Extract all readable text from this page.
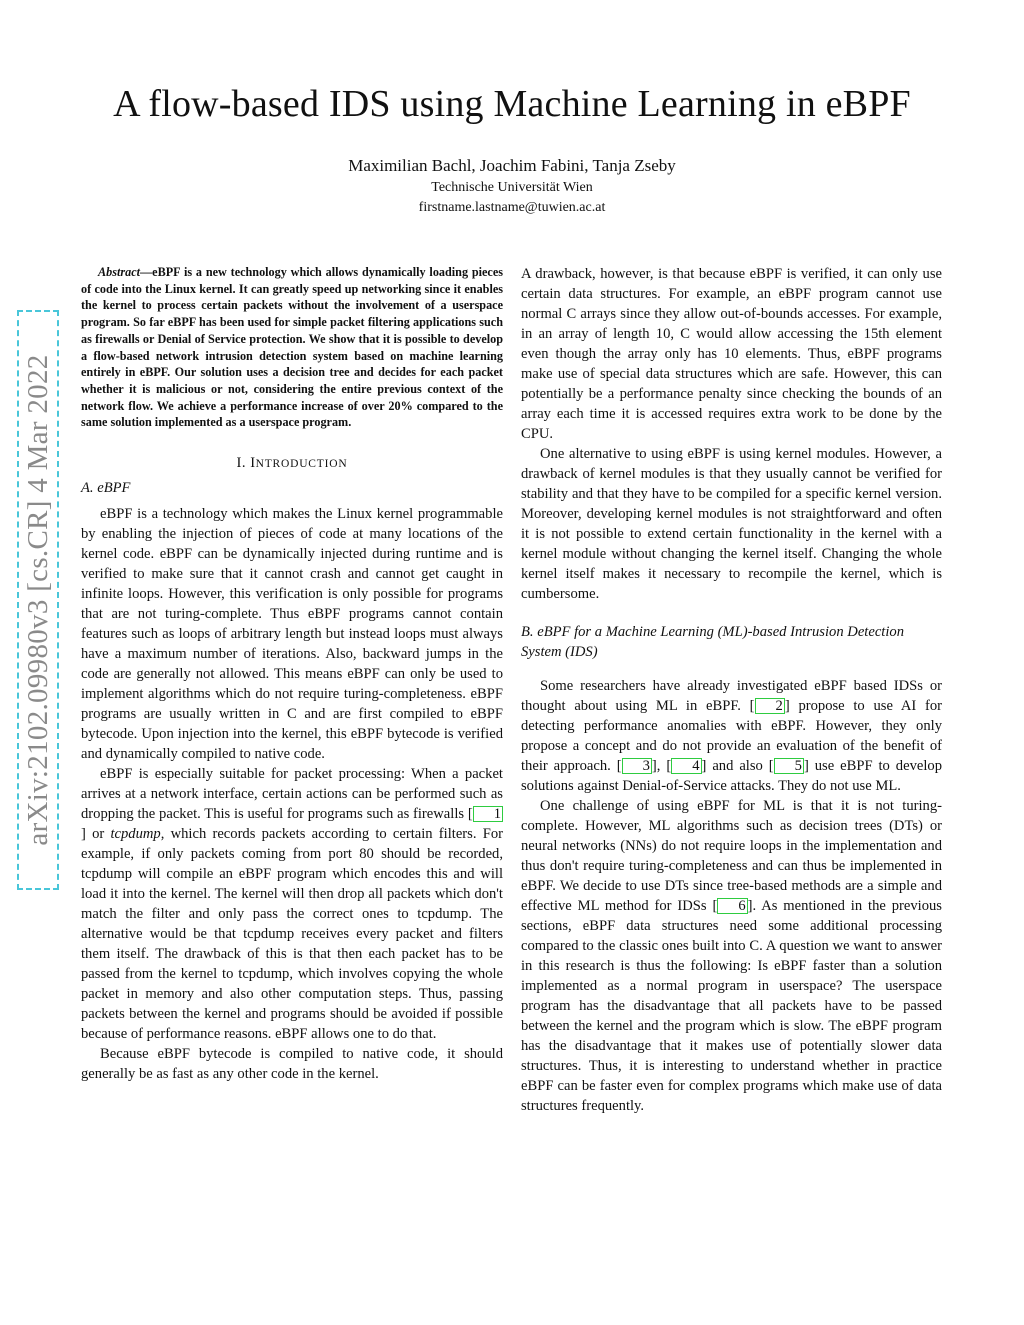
A flow-based IDS using Machine Learning in eBPF
Maximilian Bachl, Joachim Fabini, Tanja Zseby
Technische Universität Wien
firstname.lastname@tuwien.ac.at
arXiv:2102.09980v3 [cs.CR] 4 Mar 2022

Abstract—eBPF is a new technology which allows dynamically loading pieces of code into the Linux kernel. It can greatly speed up networking since it enables the kernel to process certain packets without the involvement of a userspace program. So far eBPF has been used for simple packet filtering applications such as firewalls or Denial of Service protection. We show that it is possible to develop a flow-based network intrusion detection system based on machine learning entirely in eBPF. Our solution uses a decision tree and decides for each packet whether it is malicious or not, considering the entire previous context of the network flow. We achieve a performance increase of over 20% compared to the same solution implemented as a userspace program.

I. INTRODUCTION
A. eBPF

eBPF is a technology which makes the Linux kernel programmable by enabling the injection of pieces of code at many locations of the kernel code. eBPF can be dynamically injected during runtime and is verified to make sure that it cannot crash and cannot get caught in infinite loops. However, this verification is only possible for programs that are not turing-complete. Thus eBPF programs cannot contain features such as loops of arbitrary length but instead loops must always have a maximum number of iterations. Also, backward jumps in the code are generally not allowed. This means eBPF can only be used to implement algorithms which do not require turing-completeness. eBPF programs are usually written in C and are first compiled to eBPF bytecode. Upon injection into the kernel, this eBPF bytecode is verified and dynamically compiled to native code.

eBPF is especially suitable for packet processing: When a packet arrives at a network interface, certain actions can be performed such as dropping the packet. This is useful for programs such as firewalls [ 1] or tcpdump, which records packets according to certain filters. For example, if only packets coming from port 80 should be recorded, tcpdump will compile an eBPF program which encodes this and will load it into the kernel. The kernel will then drop all packets which don't match the filter and only pass the correct ones to tcpdump. The alternative would be that tcpdump receives every packet and filters them itself. The drawback of this is that then each packet has to be passed from the kernel to tcpdump, which involves copying the whole packet in memory and also other computation steps. Thus, passing packets between the kernel and programs should be avoided if possible because of performance reasons. eBPF allows one to do that.

Because eBPF bytecode is compiled to native code, it should generally be as fast as any other code in the kernel.

A drawback, however, is that because eBPF is verified, it can only use certain data structures. For example, an eBPF program cannot use normal C arrays since they allow out-of-bounds accesses. For example, in an array of length 10, C would allow accessing the 15th element even though the array only has 10 elements. Thus, eBPF programs make use of special data structures which are safe. However, this can potentially be a performance penalty since checking the bounds of an array each time it is accessed requires extra work to be done by the CPU.

One alternative to using eBPF is using kernel modules. However, a drawback of kernel modules is that they usually cannot be verified for stability and that they have to be compiled for a specific kernel version. Moreover, developing kernel modules is not straightforward and often it is not possible to extend certain functionality in the kernel with a kernel module without changing the kernel itself. Changing the whole kernel itself makes it necessary to recompile the kernel, which is cumbersome.

B. eBPF for a Machine Learning (ML)-based Intrusion Detection System (IDS)

Some researchers have already investigated eBPF based IDSs or thought about using ML in eBPF. [ 2 ] propose to use AI for detecting performance anomalies with eBPF. However, they only propose a concept and do not provide an evaluation of the benefit of their approach. [ 3 ], [ 4 ] and also [ 5 ] use eBPF to develop solutions against Denial-of-Service attacks. They do not use ML.

One challenge of using eBPF for ML is that it is not turing-complete. However, ML algorithms such as decision trees (DTs) or neural networks (NNs) do not require loops in the implementation and thus don't require turing-completeness and can thus be implemented in eBPF. We decide to use DTs since tree-based methods are a simple and effective ML method for IDSs [ 6 ]. As mentioned in the previous sections, eBPF data structures need some additional processing compared to the classic ones built into C. A question we want to answer in this research is thus the following: Is eBPF faster than a solution implemented as a normal program in userspace? The userspace program has the disadvantage that all packets have to be passed between the kernel and the program which is slow. The eBPF program has the disadvantage that it makes use of potentially slower data structures. Thus, it is interesting to understand whether in practice eBPF can be faster even for complex programs which make use of data structures frequently.
